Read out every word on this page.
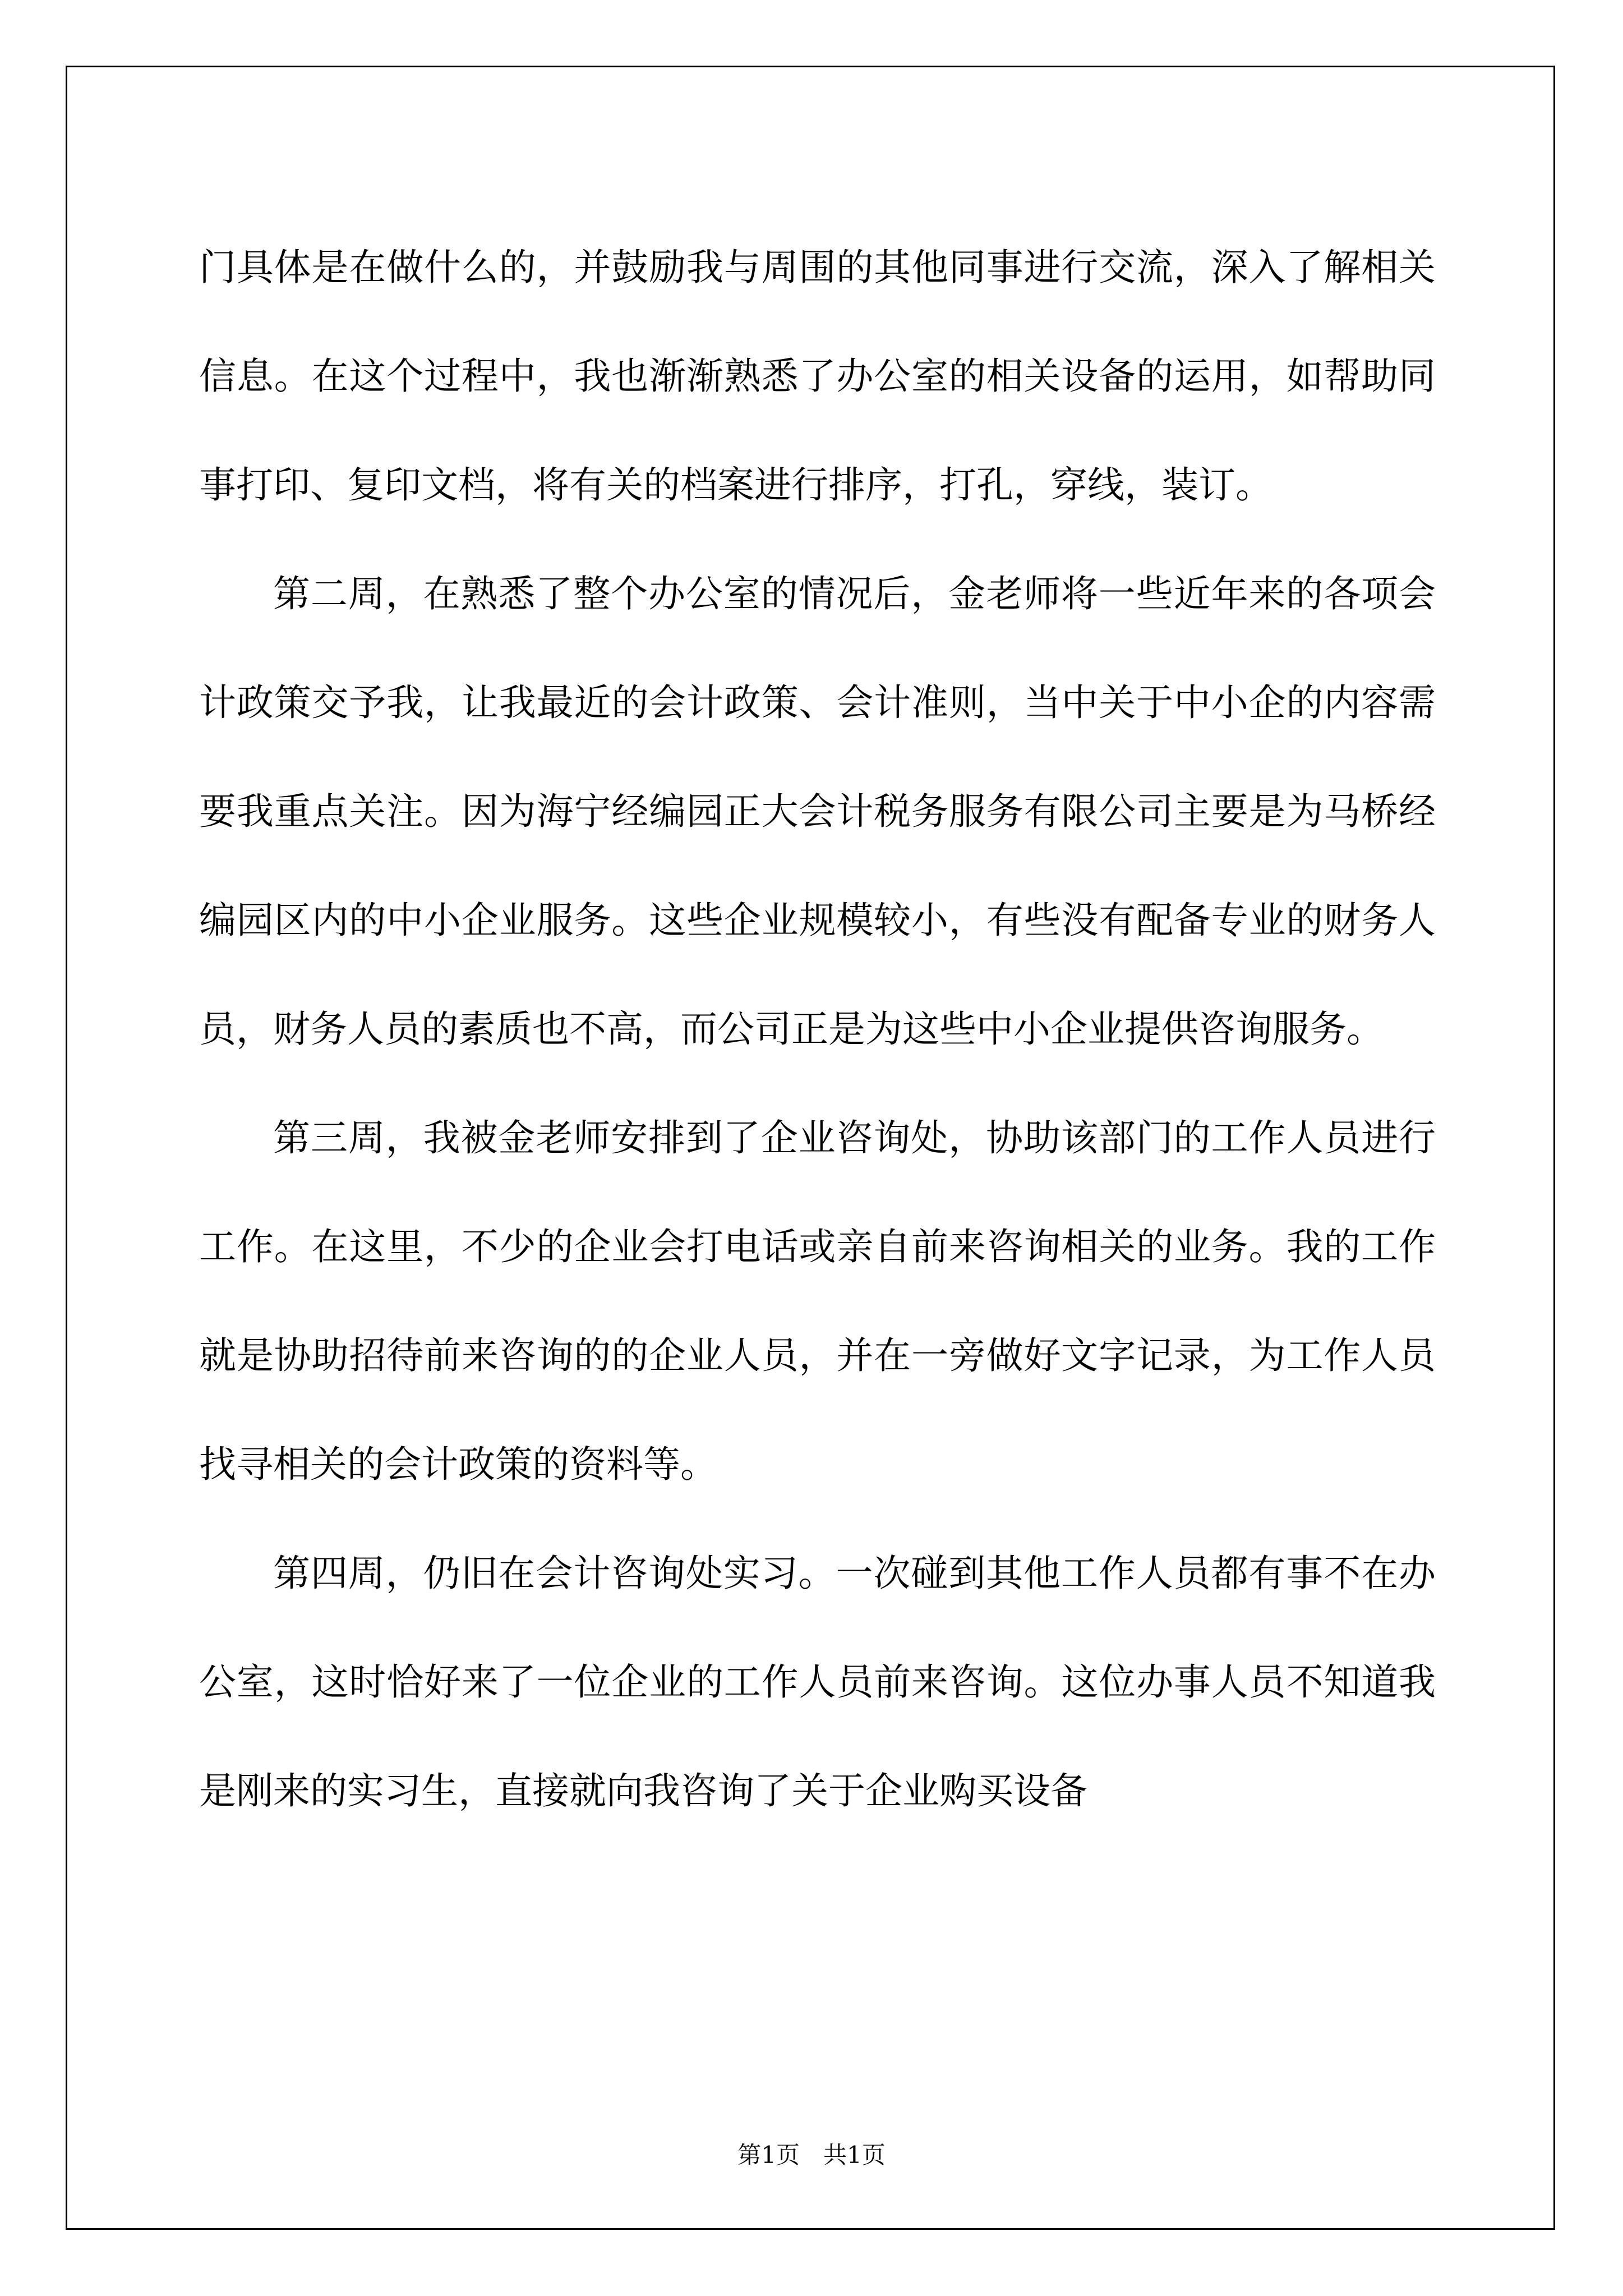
门具体是在做什么的，并鼓励我与周围的其他同事进行交流，深入了解相关信息。在这个过程中，我也渐渐熟悉了办公室的相关设备的运用，如帮助同事打印、复印文档，将有关的档案进行排序，打孔，穿线，装订。

第二周，在熟悉了整个办公室的情况后，金老师将一些近年来的各项会计政策交予我，让我最近的会计政策、会计准则，当中关于中小企的内容需要我重点关注。因为海宁经编园正大会计税务服务有限公司主要是为马桥经编园区内的中小企业服务。这些企业规模较小，有些没有配备专业的财务人员，财务人员的素质也不高，而公司正是为这些中小企业提供咨询服务。

第三周，我被金老师安排到了企业咨询处，协助该部门的工作人员进行工作。在这里，不少的企业会打电话或亲自前来咨询相关的业务。我的工作就是协助招待前来咨询的的企业人员，并在一旁做好文字记录，为工作人员找寻相关的会计政策的资料等。

第四周，仍旧在会计咨询处实习。一次碰到其他工作人员都有事不在办公室，这时恰好来了一位企业的工作人员前来咨询。这位办事人员不知道我是刚来的实习生，直接就向我咨询了关于企业购买设备

第1页　共1页
